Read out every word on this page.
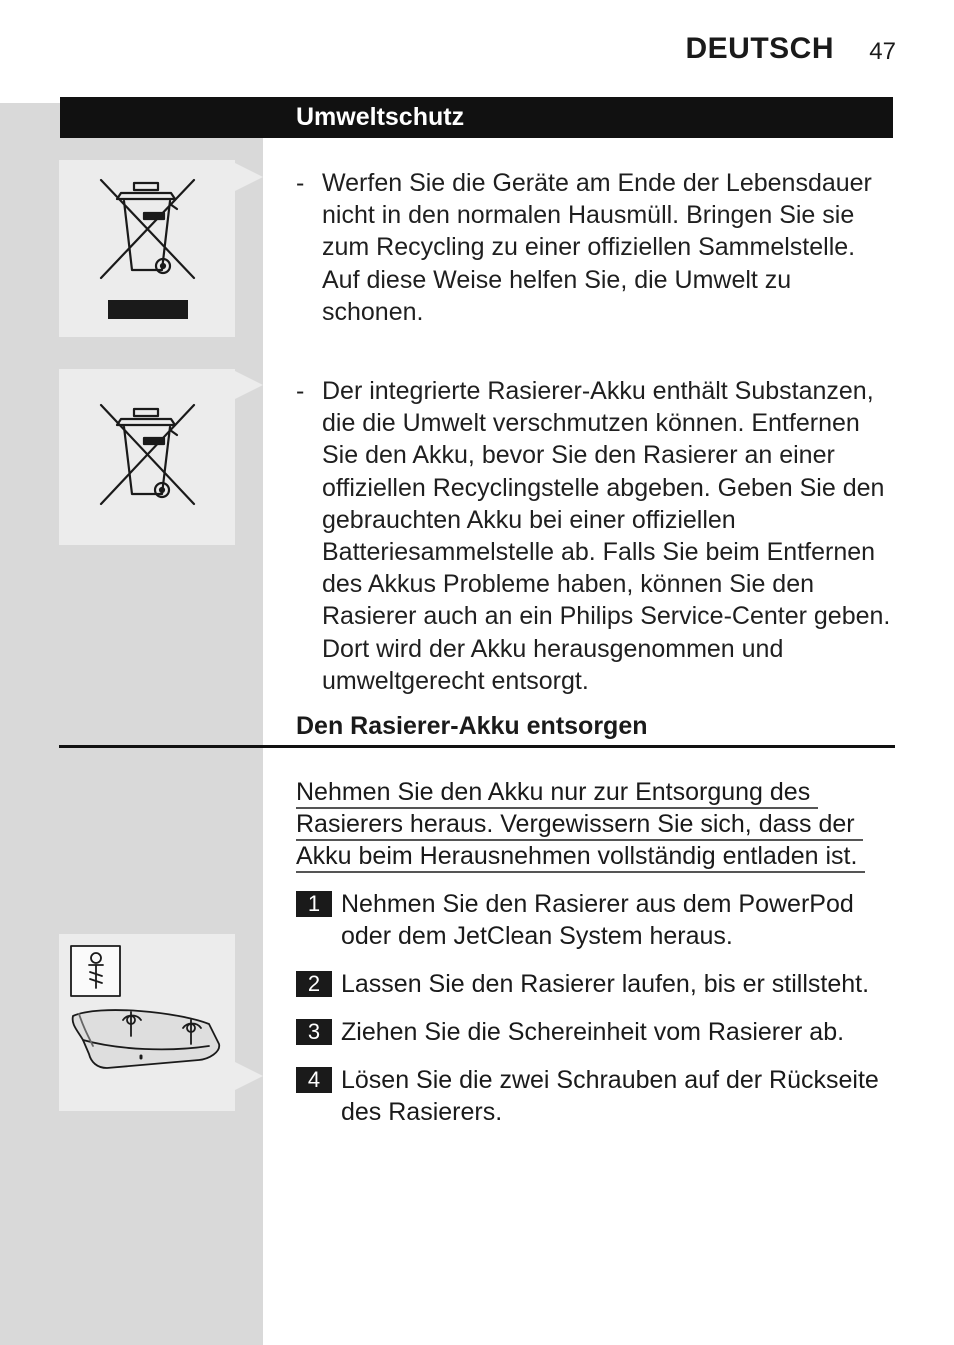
DEUTSCH	47
Umweltschutz
- Werfen Sie die Geräte am Ende der Lebensdauer nicht in den normalen Hausmüll. Bringen Sie sie zum Recycling zu einer offiziellen Sammelstelle. Auf diese Weise helfen Sie, die Umwelt zu schonen.
- Der integrierte Rasierer-Akku enthält Substanzen, die die Umwelt verschmutzen können. Entfernen Sie den Akku, bevor Sie den Rasierer an einer offiziellen Recyclingstelle abgeben. Geben Sie den gebrauchten Akku bei einer offiziellen Batteriesammelstelle ab. Falls Sie beim Entfernen des Akkus Probleme haben, können Sie den Rasierer auch an ein Philips Service-Center geben. Dort wird der Akku herausgenommen und umweltgerecht entsorgt.
Den Rasierer-Akku entsorgen
Nehmen Sie den Akku nur zur Entsorgung des
Rasierers heraus. Vergewissern Sie sich, dass der
Akku beim Herausnehmen vollständig entladen ist.
1 Nehmen Sie den Rasierer aus dem PowerPod oder dem JetClean System heraus.
2 Lassen Sie den Rasierer laufen, bis er stillsteht.
3 Ziehen Sie die Schereinheit vom Rasierer ab.
4 Lösen Sie die zwei Schrauben auf der Rückseite des Rasierers.
